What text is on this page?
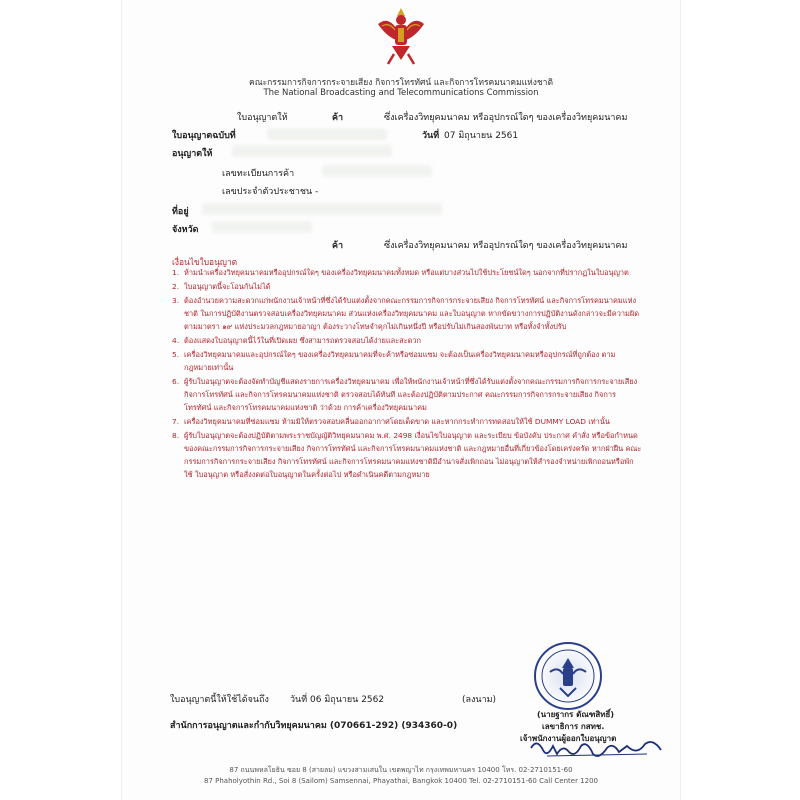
คณะกรรมการกิจการกระจายเสียง กิจการโทรทัศน์ และกิจการโทรคมนาคมแห่งชาติ
The National Broadcasting and Telecommunications Commission
ใบอนุญาตให้	ค้า	ซึ่งเครื่องวิทยุคมนาคม หรืออุปกรณ์ใดๆ ของเครื่องวิทยุคมนาคม
ใบอนุญาตฉบับที่	วันที่ 07 มิถุนายน 2561
อนุญาตให้
เลขทะเบียนการค้า
เลขประจำตัวประชาชน -
ที่อยู่
จังหวัด
ค้า	ซึ่งเครื่องวิทยุคมนาคม หรืออุปกรณ์ใดๆ ของเครื่องวิทยุคมนาคม
เงื่อนไขใบอนุญาต
1. ห้ามนำเครื่องวิทยุคมนาคมหรืออุปกรณ์ใดๆ ของเครื่องวิทยุคมนาคมทั้งหมด หรือแต่บางส่วนไปใช้ประโยชน์ใดๆ นอกจากที่ปรากฏในใบอนุญาต
2. ใบอนุญาตนี้จะโอนกันไม่ได้
3. ต้องอำนวยความสะดวกแก่พนักงานเจ้าหน้าที่ซึ่งได้รับแต่งตั้งจากคณะกรรมการกิจการกระจายเสียง กิจการโทรทัศน์ และกิจการโทรคมนาคมแห่งชาติ ในการปฏิบัติงานตรวจสอบเครื่องวิทยุคมนาคม ส่วนแห่งเครื่องวิทยุคมนาคม และใบอนุญาต หากขัดขวางการปฏิบัติงานดังกล่าวจะมีความผิด ตามมาตรา ๑๙ แห่งประมวลกฎหมายอาญา ต้องระวางโทษจำคุกไม่เกินหนึ่งปี หรือปรับไม่เกินสองพันบาท หรือทั้งจำทั้งปรับ
4. ต้องแสดงใบอนุญาตนี้ไว้ในที่เปิดเผย ซึ่งสามารถตรวจสอบได้ง่ายและสะดวก
5. เครื่องวิทยุคมนาคมและอุปกรณ์ใดๆ ของเครื่องวิทยุคมนาคมที่จะค้าหรือซ่อมแซม จะต้องเป็นเครื่องวิทยุคมนาคมหรืออุปกรณ์ที่ถูกต้อง ตามกฎหมายเท่านั้น
6. ผู้รับใบอนุญาตจะต้องจัดทำบัญชีแสดงรายการเครื่องวิทยุคมนาคม เพื่อให้พนักงานเจ้าหน้าที่ซึ่งได้รับแต่งตั้งจากคณะกรรมการกิจการกระจายเสียง กิจการโทรทัศน์ และกิจการโทรคมนาคมแห่งชาติ ตรวจสอบได้ทันที และต้องปฏิบัติตามประกาศ คณะกรรมการกิจการกระจายเสียง กิจการโทรทัศน์ และกิจการโทรคมนาคมแห่งชาติ ว่าด้วย การค้าเครื่องวิทยุคมนาคม
7. เครื่องวิทยุคมนาคมที่ซ่อมแซม ห้ามมิให้ตรวจสอบคลื่นออกอากาศโดยเด็ดขาด และหากกระทำการทดสอบให้ใช้ DUMMY LOAD เท่านั้น
8. ผู้รับใบอนุญาตจะต้องปฏิบัติตามพระราชบัญญัติวิทยุคมนาคม พ.ศ. 2498 เงื่อนไขใบอนุญาต และระเบียบ ข้อบังคับ ประกาศ คำสั่ง หรือข้อกำหนด ของคณะกรรมการกิจการกระจายเสียง กิจการโทรทัศน์ และกิจการโทรคมนาคมแห่งชาติ และกฎหมายอื่นที่เกี่ยวข้องโดยเคร่งครัด หากฝ่าฝืน คณะกรรมการกิจการกระจายเสียง กิจการโทรทัศน์ และกิจการโทรคมนาคมแห่งชาติมีอำนาจสั่งเพิกถอน ไม่อนุญาตให้สำรองจำหน่ายเพิกถอนหรือพักใช้ ใบอนุญาต หรือสั่งงดต่อใบอนุญาตในครั้งต่อไป หรือดำเนินคดีตามกฎหมาย
ใบอนุญาตนี้ให้ใช้ได้จนถึง วันที่ 06 มิถุนายน 2562
สำนักการอนุญาตและกำกับวิทยุคมนาคม (070661-292) (934360-0)
(ลงนาม)
(นายฐากร ตัณฑสิทธิ์)
เลขาธิการ กสทช.
เจ้าพนักงานผู้ออกใบอนุญาต
87 ถนนพหลโยธิน ซอย 8 (สายลม) แขวงสามเสนใน เขตพญาไท กรุงเทพมหานคร 10400 โทร. 02-2710151-60
87 Phaholyothin Rd., Soi 8 (Sailom) Samsennai, Phayathai, Bangkok 10400 Tel. 02-2710151-60 Call Center 1200
